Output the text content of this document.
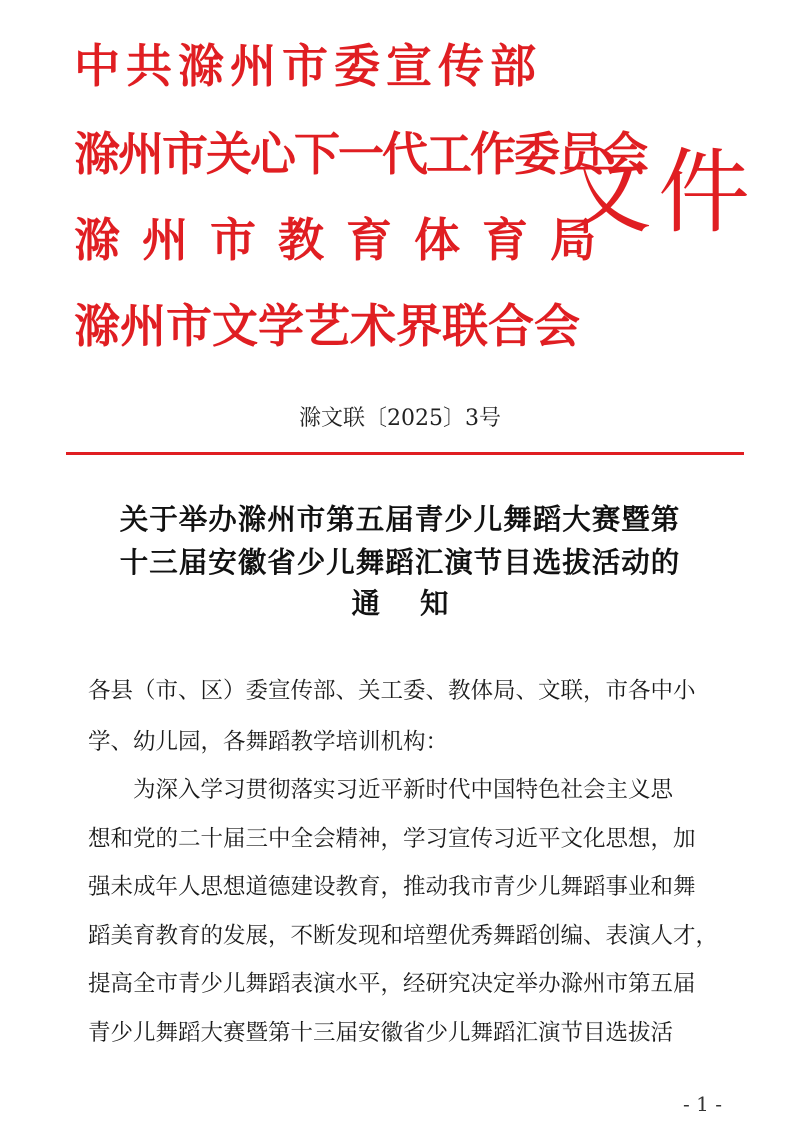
中共滁州市委宣传部
滁州市关心下一代工作委员会
滁州市教育体育局
滁州市文学艺术界联合会
文件
滁文联〔2025〕3号
关于举办滁州市第五届青少儿舞蹈大赛暨第
十三届安徽省少儿舞蹈汇演节目选拔活动的
通知
各县（市、区）委宣传部、关工委、教体局、文联，市各中小
学、幼儿园，各舞蹈教学培训机构：
　　为深入学习贯彻落实习近平新时代中国特色社会主义思
想和党的二十届三中全会精神，学习宣传习近平文化思想，加
强未成年人思想道德建设教育，推动我市青少儿舞蹈事业和舞
蹈美育教育的发展，不断发现和培塑优秀舞蹈创编、表演人才，
提高全市青少儿舞蹈表演水平，经研究决定举办滁州市第五届
青少儿舞蹈大赛暨第十三届安徽省少儿舞蹈汇演节目选拔活
- 1 -
